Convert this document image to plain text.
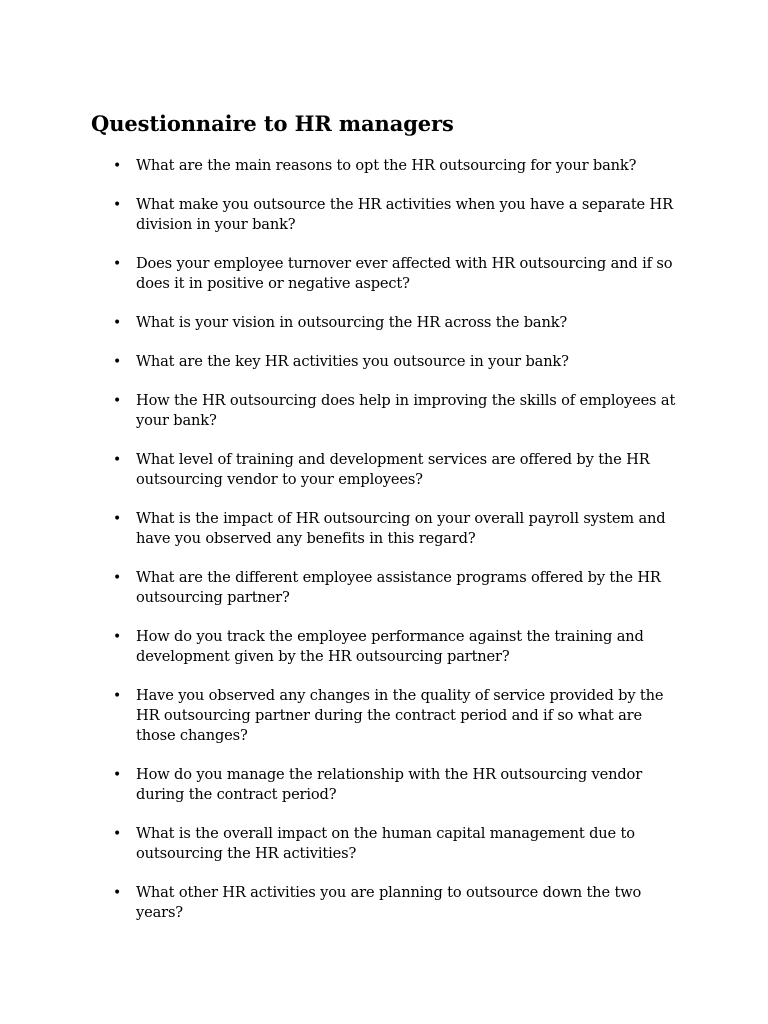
Questionnaire to HR managers
• What are the main reasons to opt the HR outsourcing for your bank?
• What make you outsource the HR activities when you have a separate HR division in your bank?
• Does your employee turnover ever affected with HR outsourcing and if so does it in positive or negative aspect?
• What is your vision in outsourcing the HR across the bank?
• What are the key HR activities you outsource in your bank?
• How the HR outsourcing does help in improving the skills of employees at your bank?
• What level of training and development services are offered by the HR outsourcing vendor to your employees?
• What is the impact of HR outsourcing on your overall payroll system and have you observed any benefits in this regard?
• What are the different employee assistance programs offered by the HR outsourcing partner?
• How do you track the employee performance against the training and development given by the HR outsourcing partner?
• Have you observed any changes in the quality of service provided by the HR outsourcing partner during the contract period and if so what are those changes?
• How do you manage the relationship with the HR outsourcing vendor during the contract period?
• What is the overall impact on the human capital management due to outsourcing the HR activities?
• What other HR activities you are planning to outsource down the two years?
